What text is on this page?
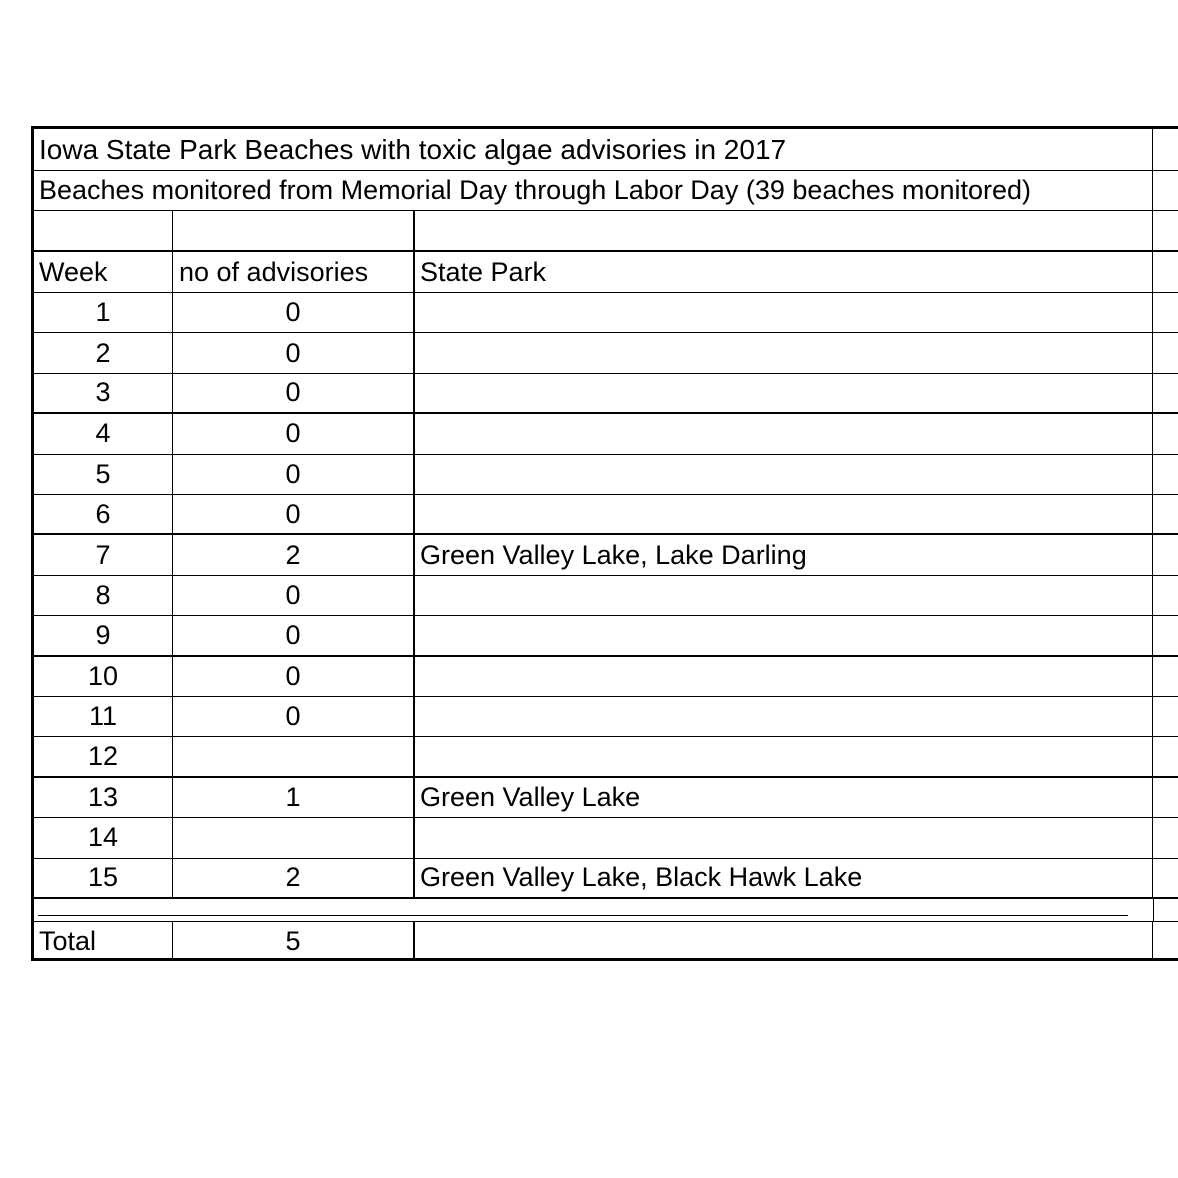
Iowa State Park Beaches with toxic algae advisories in 2017
Beaches monitored from Memorial Day through Labor Day (39 beaches monitored)
Week	no of advisories	State Park
1	0
2	0
3	0
4	0
5	0
6	0
7	2	Green Valley Lake, Lake Darling
8	0
9	0
10	0
11	0
12
13	1	Green Valley Lake
14
15	2	Green Valley Lake, Black Hawk Lake
Total	5
